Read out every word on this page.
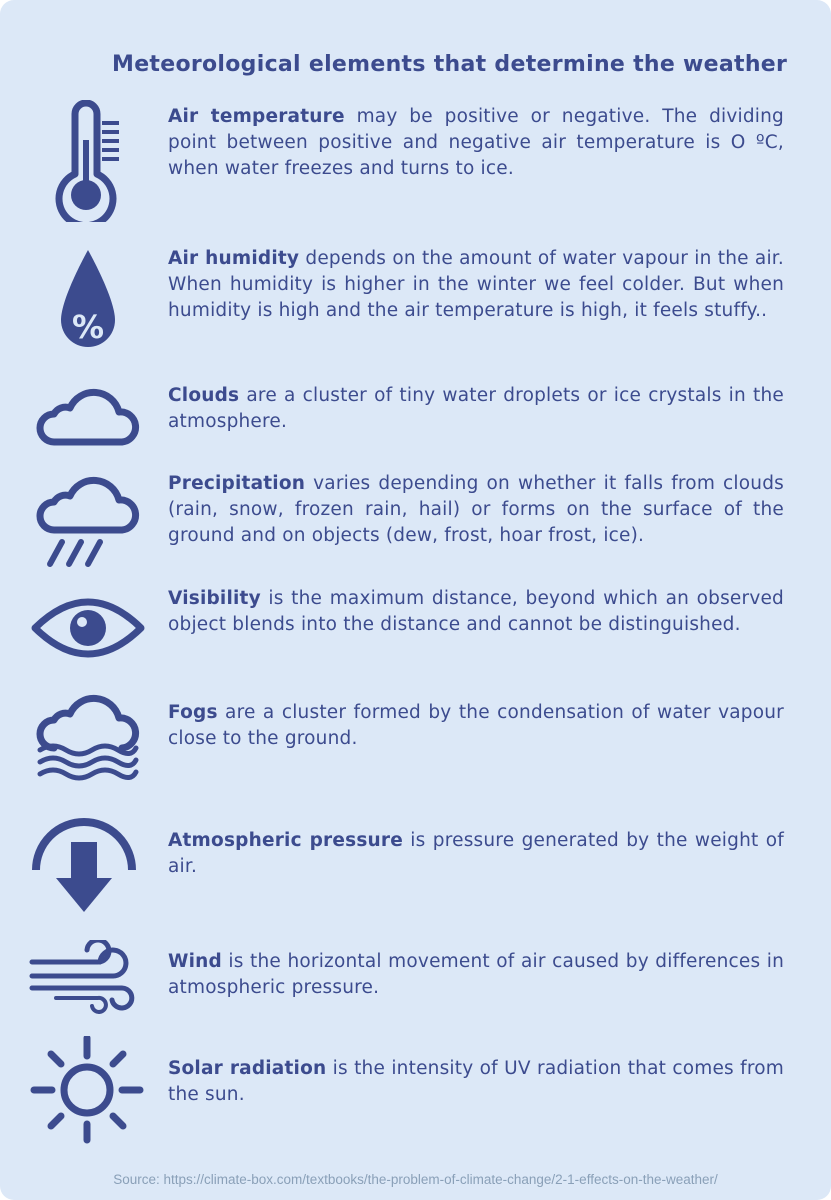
Meteorological elements that determine the weather
Air temperature may be positive or negative. The dividing point between positive and negative air temperature is O ºC, when water freezes and turns to ice.
%
Air humidity depends on the amount of water vapour in the air. When humidity is higher in the winter we feel colder. But when humidity is high and the air temperature is high, it feels stuffy..
Clouds are a cluster of tiny water droplets or ice crystals in the atmosphere.
Precipitation varies depending on whether it falls from clouds (rain, snow, frozen rain, hail) or forms on the surface of the ground and on objects (dew, frost, hoar frost, ice).
Visibility is the maximum distance, beyond which an observed object blends into the distance and cannot be distinguished.
Fogs are a cluster formed by the condensation of water vapour close to the ground.
Atmospheric pressure is pressure generated by the weight of air.
Wind is the horizontal movement of air caused by differences in atmospheric pressure.
Solar radiation is the intensity of UV radiation that comes from the sun.
Source: https://climate-box.com/textbooks/the-problem-of-climate-change/2-1-effects-on-the-weather/
